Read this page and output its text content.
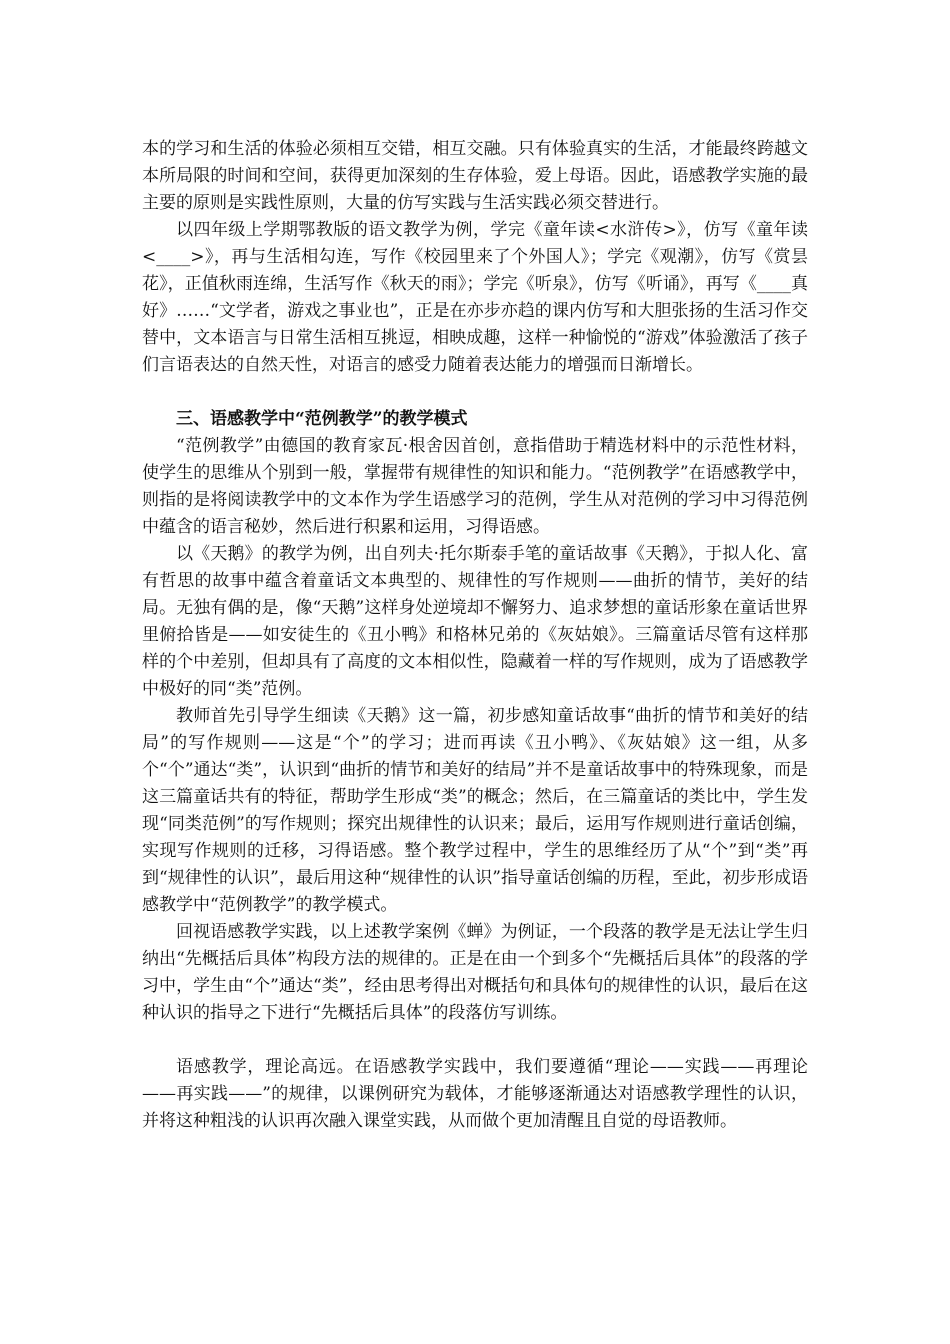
本的学习和生活的体验必须相互交错，相互交融。只有体验真实的生活，才能最终跨越文本所局限的时间和空间，获得更加深刻的生存体验，爱上母语。因此，语感教学实施的最主要的原则是实践性原则，大量的仿写实践与生活实践必须交替进行。

以四年级上学期鄂教版的语文教学为例，学完《童年读<水浒传>》，仿写《童年读<____>》，再与生活相勾连，写作《校园里来了个外国人》；学完《观潮》，仿写《赏昙花》，正值秋雨连绵，生活写作《秋天的雨》；学完《听泉》，仿写《听诵》，再写《____真好》……“文学者，游戏之事业也”，正是在亦步亦趋的课内仿写和大胆张扬的生活习作交替中，文本语言与日常生活相互挑逗，相映成趣，这样一种愉悦的“游戏”体验激活了孩子们言语表达的自然天性，对语言的感受力随着表达能力的增强而日渐增长。

三、语感教学中“范例教学”的教学模式

“范例教学”由德国的教育家瓦·根舍因首创，意指借助于精选材料中的示范性材料，使学生的思维从个别到一般，掌握带有规律性的知识和能力。“范例教学”在语感教学中，则指的是将阅读教学中的文本作为学生语感学习的范例，学生从对范例的学习中习得范例中蕴含的语言秘妙，然后进行积累和运用，习得语感。

以《天鹅》的教学为例，出自列夫·托尔斯泰手笔的童话故事《天鹅》，于拟人化、富有哲思的故事中蕴含着童话文本典型的、规律性的写作规则——曲折的情节，美好的结局。无独有偶的是，像“天鹅”这样身处逆境却不懈努力、追求梦想的童话形象在童话世界里俯拾皆是——如安徒生的《丑小鸭》和格林兄弟的《灰姑娘》。三篇童话尽管有这样那样的个中差别，但却具有了高度的文本相似性，隐藏着一样的写作规则，成为了语感教学中极好的同“类”范例。

教师首先引导学生细读《天鹅》这一篇，初步感知童话故事“曲折的情节和美好的结局”的写作规则——这是“个”的学习；进而再读《丑小鸭》、《灰姑娘》这一组，从多个“个”通达“类”，认识到“曲折的情节和美好的结局”并不是童话故事中的特殊现象，而是这三篇童话共有的特征，帮助学生形成“类”的概念；然后，在三篇童话的类比中，学生发现“同类范例”的写作规则；探究出规律性的认识来；最后，运用写作规则进行童话创编，实现写作规则的迁移，习得语感。整个教学过程中，学生的思维经历了从“个”到“类”再到“规律性的认识”，最后用这种“规律性的认识”指导童话创编的历程，至此，初步形成语感教学中“范例教学”的教学模式。

回视语感教学实践，以上述教学案例《蝉》为例证，一个段落的教学是无法让学生归纳出“先概括后具体”构段方法的规律的。正是在由一个到多个“先概括后具体”的段落的学习中，学生由“个”通达“类”，经由思考得出对概括句和具体句的规律性的认识，最后在这种认识的指导之下进行“先概括后具体”的段落仿写训练。

语感教学，理论高远。在语感教学实践中，我们要遵循“理论——实践——再理论——再实践——”的规律，以课例研究为载体，才能够逐渐通达对语感教学理性的认识，并将这种粗浅的认识再次融入课堂实践，从而做个更加清醒且自觉的母语教师。
